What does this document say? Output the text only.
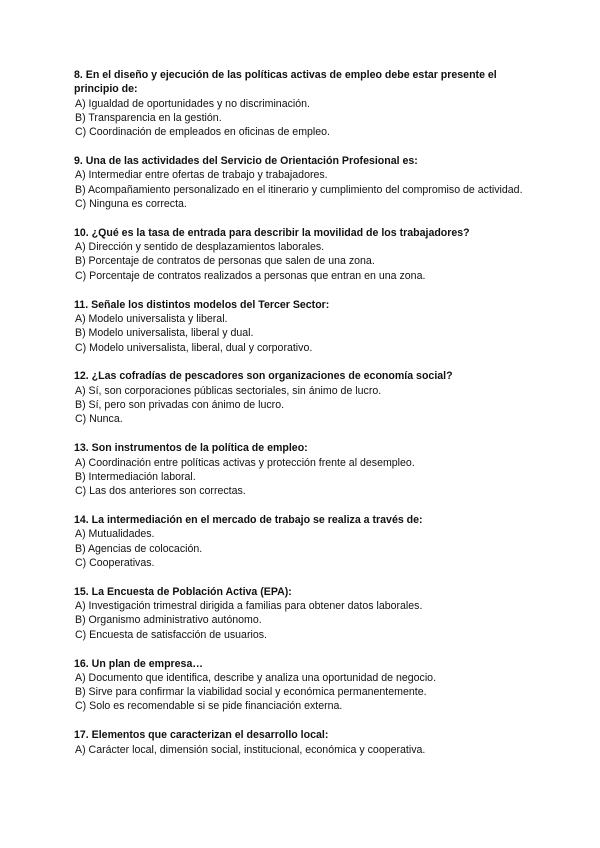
8. En el diseño y ejecución de las políticas activas de empleo debe estar presente el principio de:
A) Igualdad de oportunidades y no discriminación.
B) Transparencia en la gestión.
C) Coordinación de empleados en oficinas de empleo.
9. Una de las actividades del Servicio de Orientación Profesional es:
A) Intermediar entre ofertas de trabajo y trabajadores.
B) Acompañamiento personalizado en el itinerario y cumplimiento del compromiso de actividad.
C) Ninguna es correcta.
10. ¿Qué es la tasa de entrada para describir la movilidad de los trabajadores?
A) Dirección y sentido de desplazamientos laborales.
B) Porcentaje de contratos de personas que salen de una zona.
C) Porcentaje de contratos realizados a personas que entran en una zona.
11. Señale los distintos modelos del Tercer Sector:
A) Modelo universalista y liberal.
B) Modelo universalista, liberal y dual.
C) Modelo universalista, liberal, dual y corporativo.
12. ¿Las cofradías de pescadores son organizaciones de economía social?
A) Sí, son corporaciones públicas sectoriales, sin ánimo de lucro.
B) Sí, pero son privadas con ánimo de lucro.
C) Nunca.
13. Son instrumentos de la política de empleo:
A) Coordinación entre políticas activas y protección frente al desempleo.
B) Intermediación laboral.
C) Las dos anteriores son correctas.
14. La intermediación en el mercado de trabajo se realiza a través de:
A) Mutualidades.
B) Agencias de colocación.
C) Cooperativas.
15. La Encuesta de Población Activa (EPA):
A) Investigación trimestral dirigida a familias para obtener datos laborales.
B) Organismo administrativo autónomo.
C) Encuesta de satisfacción de usuarios.
16. Un plan de empresa…
A) Documento que identifica, describe y analiza una oportunidad de negocio.
B) Sirve para confirmar la viabilidad social y económica permanentemente.
C) Solo es recomendable si se pide financiación externa.
17. Elementos que caracterizan el desarrollo local:
A) Carácter local, dimensión social, institucional, económica y cooperativa.
